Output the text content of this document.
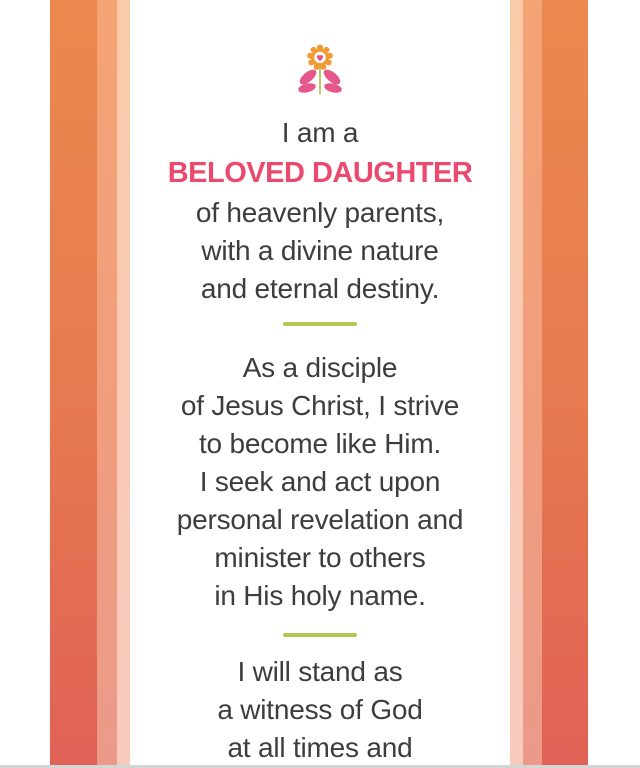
I am a
BELOVED DAUGHTER
of heavenly parents,
with a divine nature
and eternal destiny.
As a disciple
of Jesus Christ, I strive
to become like Him.
I seek and act upon
personal revelation and
minister to others
in His holy name.
I will stand as
a witness of God
at all times and
